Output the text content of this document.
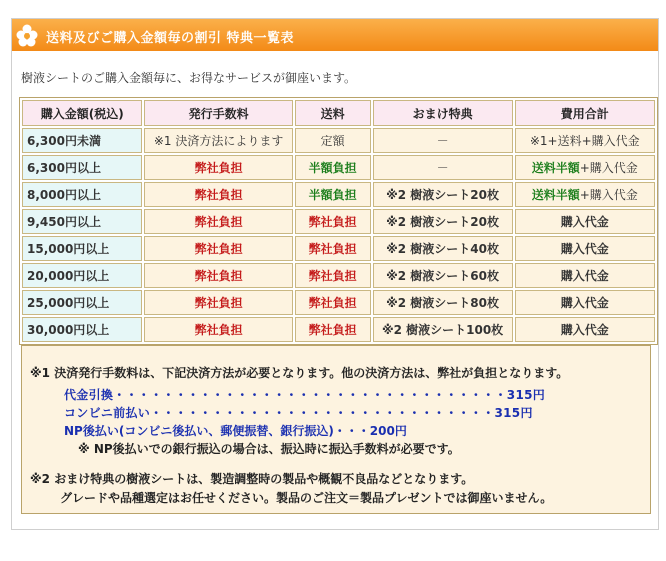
送料及びご購入金額毎の割引 特典一覧表
樹液シートのご購入金額毎に、お得なサービスが御座います。
購入金額(税込)	発行手数料	送料	おまけ特典	費用合計
6,300円未満	※1 決済方法によります	定額	－	※1+送料+購入代金
6,300円以上	弊社負担	半額負担	－	送料半額+購入代金
8,000円以上	弊社負担	半額負担	※2 樹液シート20枚	送料半額+購入代金
9,450円以上	弊社負担	弊社負担	※2 樹液シート20枚	購入代金
15,000円以上	弊社負担	弊社負担	※2 樹液シート40枚	購入代金
20,000円以上	弊社負担	弊社負担	※2 樹液シート60枚	購入代金
25,000円以上	弊社負担	弊社負担	※2 樹液シート80枚	購入代金
30,000円以上	弊社負担	弊社負担	※2 樹液シート100枚	購入代金
※1 決済発行手数料は、下記決済方法が必要となります。他の決済方法は、弊社が負担となります。
代金引換・・・・・・・・・・・・・・・・・・・・・・・・・・・・・・・・315円
コンビニ前払い・・・・・・・・・・・・・・・・・・・・・・・・・・・・315円
NP後払い(コンビニ後払い、郵便振替、銀行振込)・・・200円
※ NP後払いでの銀行振込の場合は、振込時に振込手数料が必要です。
※2 おまけ特典の樹液シートは、製造調整時の製品や概観不良品などとなります。
グレードや品種選定はお任せください。製品のご注文＝製品プレゼントでは御座いません。
